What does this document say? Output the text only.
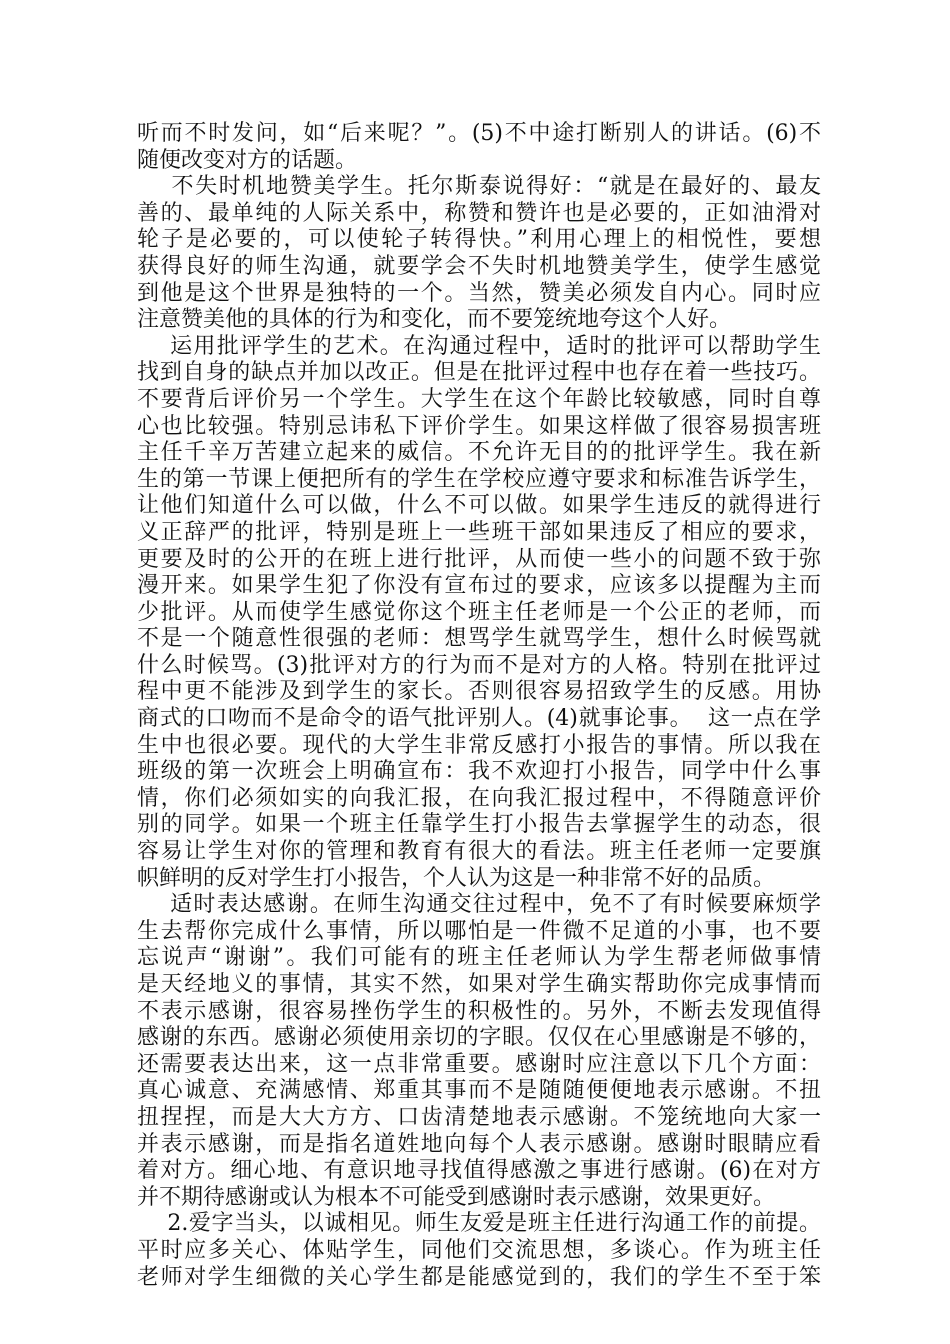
听而不时发问，如“后来呢？”。(5)不中途打断别人的讲话。(6)不
随便改变对方的话题。
不失时机地赞美学生。托尔斯泰说得好：“就是在最好的、最友
善的、最单纯的人际关系中，称赞和赞许也是必要的，正如油滑对
轮子是必要的，可以使轮子转得快。”利用心理上的相悦性，要想
获得良好的师生沟通，就要学会不失时机地赞美学生，使学生感觉
到他是这个世界是独特的一个。当然，赞美必须发自内心。同时应
注意赞美他的具体的行为和变化，而不要笼统地夸这个人好。
运用批评学生的艺术。在沟通过程中，适时的批评可以帮助学生
找到自身的缺点并加以改正。但是在批评过程中也存在着一些技巧。
不要背后评价另一个学生。大学生在这个年龄比较敏感，同时自尊
心也比较强。特别忌讳私下评价学生。如果这样做了很容易损害班
主任千辛万苦建立起来的威信。不允许无目的的批评学生。我在新
生的第一节课上便把所有的学生在学校应遵守要求和标准告诉学生，
让他们知道什么可以做，什么不可以做。如果学生违反的就得进行
义正辞严的批评，特别是班上一些班干部如果违反了相应的要求，
更要及时的公开的在班上进行批评，从而使一些小的问题不致于弥
漫开来。如果学生犯了你没有宣布过的要求，应该多以提醒为主而
少批评。从而使学生感觉你这个班主任老师是一个公正的老师，而
不是一个随意性很强的老师：想骂学生就骂学生，想什么时候骂就
什么时候骂。(3)批评对方的行为而不是对方的人格。特别在批评过
程中更不能涉及到学生的家长。否则很容易招致学生的反感。用协
商式的口吻而不是命令的语气批评别人。(4)就事论事。  这一点在学
生中也很必要。现代的大学生非常反感打小报告的事情。所以我在
班级的第一次班会上明确宣布：我不欢迎打小报告，同学中什么事
情，你们必须如实的向我汇报，在向我汇报过程中，不得随意评价
别的同学。如果一个班主任靠学生打小报告去掌握学生的动态，很
容易让学生对你的管理和教育有很大的看法。班主任老师一定要旗
帜鲜明的反对学生打小报告，个人认为这是一种非常不好的品质。
适时表达感谢。在师生沟通交往过程中，免不了有时候要麻烦学
生去帮你完成什么事情，所以哪怕是一件微不足道的小事，也不要
忘说声“谢谢”。我们可能有的班主任老师认为学生帮老师做事情
是天经地义的事情，其实不然，如果对学生确实帮助你完成事情而
不表示感谢，很容易挫伤学生的积极性的。另外，不断去发现值得
感谢的东西。感谢必须使用亲切的字眼。仅仅在心里感谢是不够的，
还需要表达出来，这一点非常重要。感谢时应注意以下几个方面：
真心诚意、充满感情、郑重其事而不是随随便便地表示感谢。不扭
扭捏捏，而是大大方方、口齿清楚地表示感谢。不笼统地向大家一
并表示感谢，而是指名道姓地向每个人表示感谢。感谢时眼睛应看
着对方。细心地、有意识地寻找值得感激之事进行感谢。(6)在对方
并不期待感谢或认为根本不可能受到感谢时表示感谢，效果更好。
2.爱字当头，以诚相见。师生友爱是班主任进行沟通工作的前提。
平时应多关心、体贴学生，同他们交流思想，多谈心。作为班主任
老师对学生细微的关心学生都是能感觉到的，我们的学生不至于笨
